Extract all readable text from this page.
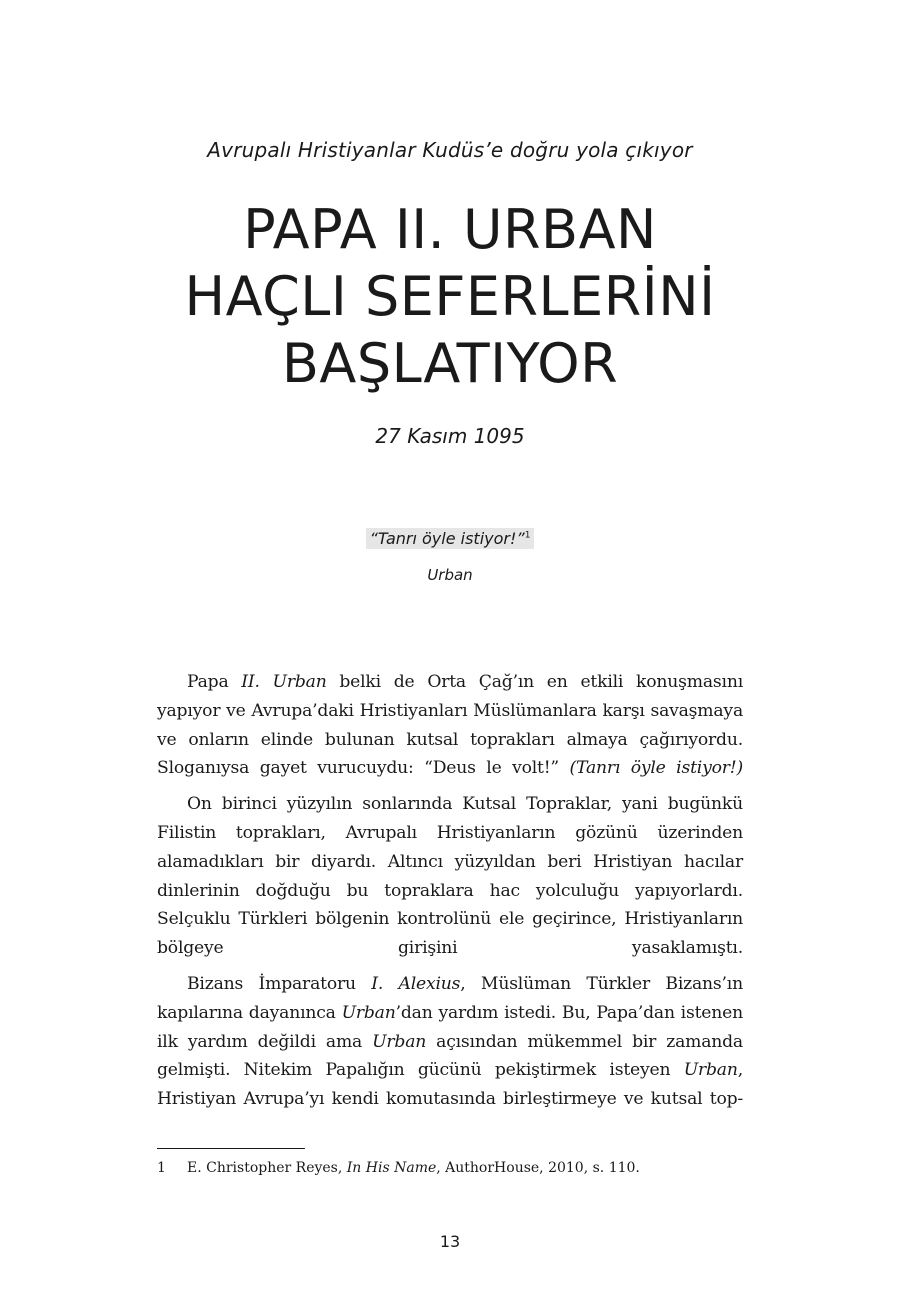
Avrupalı Hristiyanlar Kudüs’e doğru yola çıkıyor
PAPA II. URBAN
HAÇLI SEFERLERİNİ
BAŞLATIYOR
27 Kasım 1095
“Tanrı öyle istiyor!”$^1$
Urban

Papa II. Urban belki de Orta Çağ’ın en etkili konuşmasını yapıyor ve Avrupa’daki Hristiyanları Müslümanlara karşı savaşmaya ve onların elinde bulunan kutsal toprakları almaya çağırıyordu. Sloganıysa gayet vurucuydu: “Deus le volt!” (Tanrı öyle istiyor!)

On birinci yüzyılın sonlarında Kutsal Topraklar, yani bugünkü Filistin toprakları, Avrupalı Hristiyanların gözünü üzerinden alamadıkları bir diyardı. Altıncı yüzyıldan beri Hristiyan hacılar dinlerinin doğduğu bu topraklara hac yolculuğu yapıyorlardı. Selçuklu Türkleri bölgenin kontrolünü ele geçirince, Hristiyanların bölgeye girişini yasaklamıştı.

Bizans İmparatoru I. Alexius, Müslüman Türkler Bizans’ın kapılarına dayanınca Urban’dan yardım istedi. Bu, Papa’dan istenen ilk yardım değildi ama Urban açısından mükemmel bir zamanda gelmişti. Nitekim Papalığın gücünü pekiştirmek isteyen Urban, Hristiyan Avrupa’yı kendi komutasında birleştirmeye ve kutsal top-

1 E. Christopher Reyes, In His Name, AuthorHouse, 2010, s. 110.
13
